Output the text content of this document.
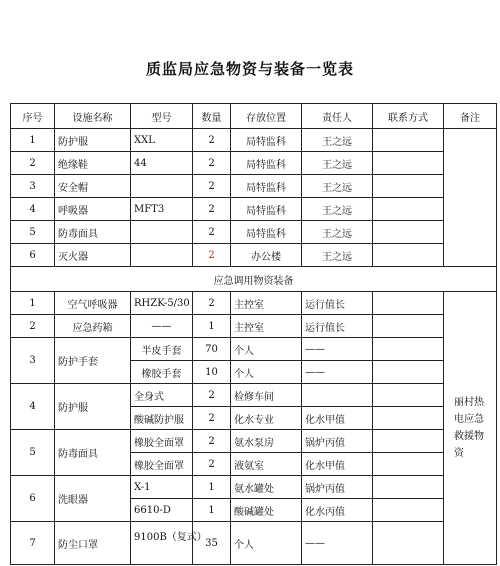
质监局应急物资与装备一览表
序号	设施名称	型号	数量	存放位置	责任人	联系方式	备注
1	防护服	XXL	2	局特监科	王之远		
2	绝缘鞋	44	2	局特监科	王之远		
3	安全帽		2	局特监科	王之远		
4	呼吸器	MFT3	2	局特监科	王之远		
5	防毒面具		2	局特监科	王之远		
6	灭火器		2	办公楼	王之远		
应急调用物资装备							
1	空气呼吸器	RHZK-5/30	2	主控室	运行值长		丽村热电应急救援物资
2	应急药箱	——	1	主控室	运行值长		
3	防护手套	半皮手套	70	个人	——		
		橡胶手套	10	个人	——		
4	防护服	全身式	2	检修车间			
		酸碱防护服	2	化水专业	化水甲值		
5	防毒面具	橡胶全面罩	2	氨水泵房	锅炉丙值		
		橡胶全面罩	2	液氨室	化水甲值		
6	洗眼器	X-1	1	氨水罐处	锅炉丙值		
		6610-D	1	酸碱罐处	化水丙值		
7	防尘口罩	9100B（复式）	35	个人	——		
